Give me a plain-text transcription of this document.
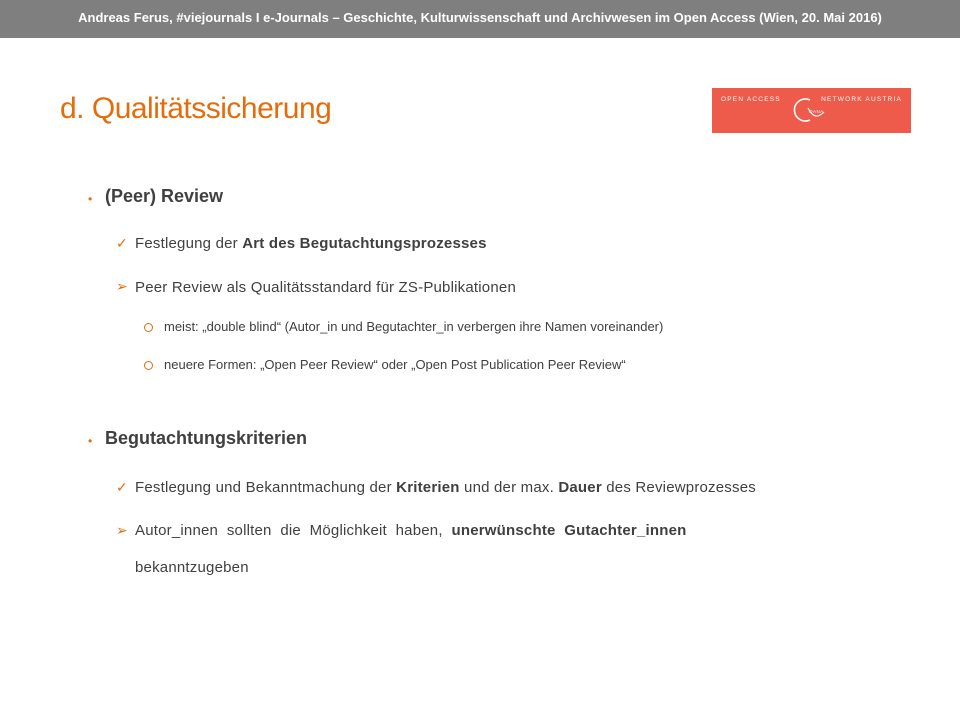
Andreas Ferus, #viejournals I e-Journals – Geschichte, Kulturwissenschaft und Archivwesen im Open Access (Wien, 20. Mai 2016)
d. Qualitätssicherung	OPEN ACCESS
OANA
NETWORK AUSTRIA
• (Peer) Review
✓ Festlegung der Art des Begutachtungsprozesses
➢ Peer Review als Qualitätsstandard für ZS-Publikationen
meist: „double blind“ (Autor_in und Begutachter_in verbergen ihre Namen voreinander)
neuere Formen: „Open Peer Review“ oder „Open Post Publication Peer Review“
• Begutachtungskriterien
✓ Festlegung und Bekanntmachung der Kriterien und der max. Dauer des Reviewprozesses
➢ Autor_innen  sollten  die  Möglichkeit  haben,  unerwünschte  Gutachter_innen
bekanntzugeben
